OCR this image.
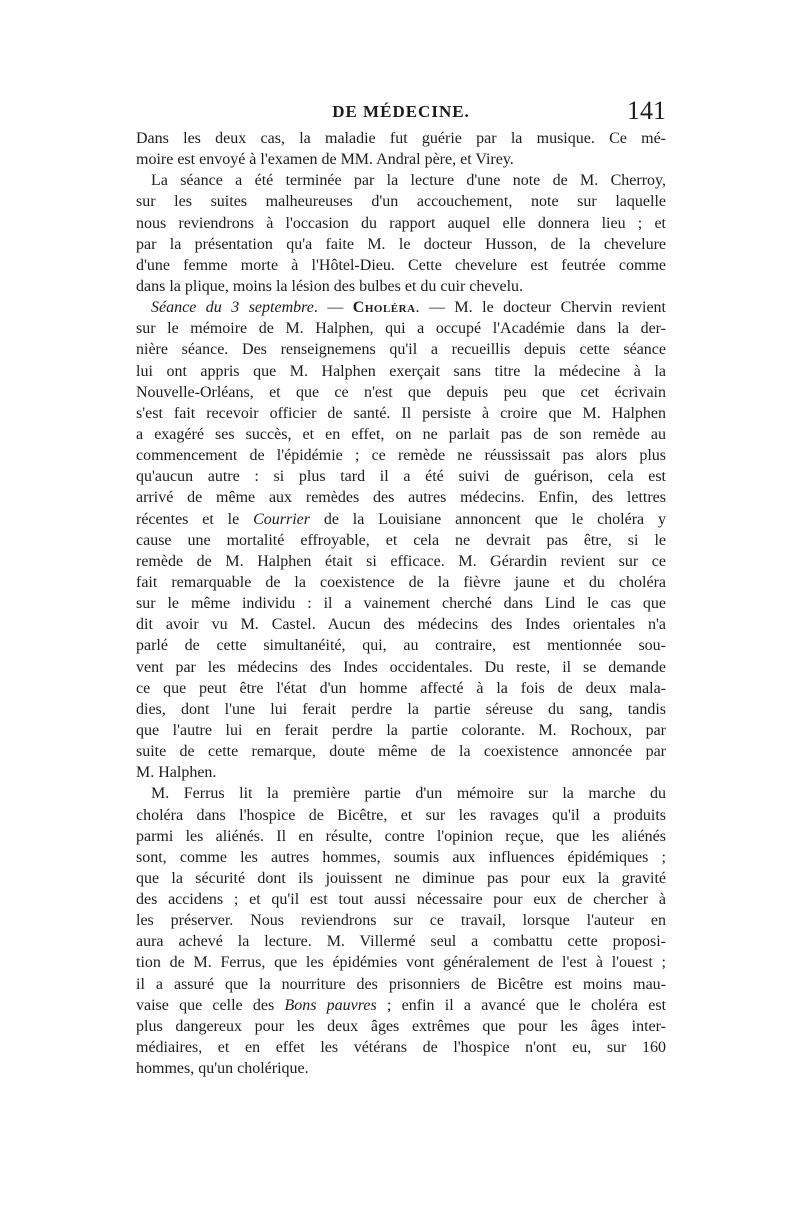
DE MÉDECINE.	141
Dans les deux cas, la maladie fut guérie par la musique. Ce mé-
moire est envoyé à l'examen de MM. Andral père, et Virey.
La séance a été terminée par la lecture d'une note de M. Cherroy,
sur les suites malheureuses d'un accouchement, note sur laquelle
nous reviendrons à l'occasion du rapport auquel elle donnera lieu ; et
par la présentation qu'a faite M. le docteur Husson, de la chevelure
d'une femme morte à l'Hôtel-Dieu. Cette chevelure est feutrée comme
dans la plique, moins la lésion des bulbes et du cuir chevelu.
Séance du 3 septembre. — Choléra. — M. le docteur Chervin revient
sur le mémoire de M. Halphen, qui a occupé l'Académie dans la der-
nière séance. Des renseignemens qu'il a recueillis depuis cette séance
lui ont appris que M. Halphen exerçait sans titre la médecine à la
Nouvelle-Orléans, et que ce n'est que depuis peu que cet écrivain
s'est fait recevoir officier de santé. Il persiste à croire que M. Halphen
a exagéré ses succès, et en effet, on ne parlait pas de son remède au
commencement de l'épidémie ; ce remède ne réussissait pas alors plus
qu'aucun autre : si plus tard il a été suivi de guérison, cela est
arrivé de même aux remèdes des autres médecins. Enfin, des lettres
récentes et le Courrier de la Louisiane annoncent que le choléra y
cause une mortalité effroyable, et cela ne devrait pas être, si le
remède de M. Halphen était si efficace. M. Gérardin revient sur ce
fait remarquable de la coexistence de la fièvre jaune et du choléra
sur le même individu : il a vainement cherché dans Lind le cas que
dit avoir vu M. Castel. Aucun des médecins des Indes orientales n'a
parlé de cette simultanéité, qui, au contraire, est mentionnée sou-
vent par les médecins des Indes occidentales. Du reste, il se demande
ce que peut être l'état d'un homme affecté à la fois de deux mala-
dies, dont l'une lui ferait perdre la partie séreuse du sang, tandis
que l'autre lui en ferait perdre la partie colorante. M. Rochoux, par
suite de cette remarque, doute même de la coexistence annoncée par
M. Halphen.
M. Ferrus lit la première partie d'un mémoire sur la marche du
choléra dans l'hospice de Bicêtre, et sur les ravages qu'il a produits
parmi les aliénés. Il en résulte, contre l'opinion reçue, que les aliénés
sont, comme les autres hommes, soumis aux influences épidémiques ;
que la sécurité dont ils jouissent ne diminue pas pour eux la gravité
des accidens ; et qu'il est tout aussi nécessaire pour eux de chercher à
les préserver. Nous reviendrons sur ce travail, lorsque l'auteur en
aura achevé la lecture. M. Villermé seul a combattu cette proposi-
tion de M. Ferrus, que les épidémies vont généralement de l'est à l'ouest ;
il a assuré que la nourriture des prisonniers de Bicêtre est moins mau-
vaise que celle des Bons pauvres ; enfin il a avancé que le choléra est
plus dangereux pour les deux âges extrêmes que pour les âges inter-
médiaires, et en effet les vétérans de l'hospice n'ont eu, sur 160
hommes, qu'un cholérique.
